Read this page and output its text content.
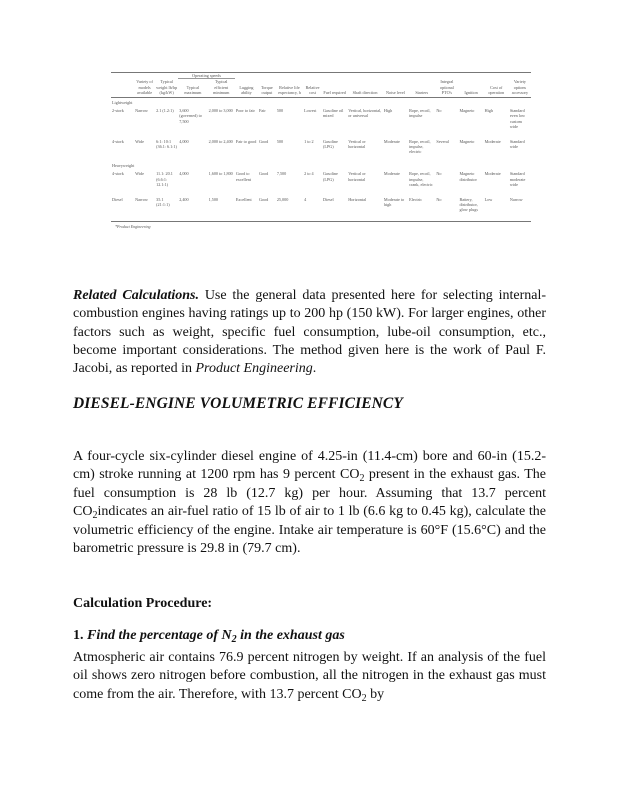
			Operating speeds													
	Variety of models available	Typical weight lb/hp (kg/kW)	Typical maximum	Typical efficient minimum	Lugging ability	Torque output	Relative life expectancy, h	Relative cost	Fuel required	Shaft direction	Noise level	Starters	Integral optional PTO's	Ignition	Cost of operation	Variety options accessory
Lightweight																
2-stork	Narrow	2.1 (1.2:1)	3,600 (governed) to 7,500	2,000 to 3,000	Poor to fair	Fair	500	Lowest	Gasoline oil mixed	Vertical, horizontal, or universal	High	Rope, recoil, impulse	No	Magneto	High	Standard even low custom wide
4-stork	Wide	6:1: 10:1 (36.1: 6.1:1)	4,000	2,000 to 2,400	Fair to good	Good	500	1 to 2	Gasoline (LPG)	Vertical or horizontal	Moderate	Rope, recoil, impulse, electric	Several	Magneto	Moderate	Standard wide
Heavyweight																
4-stork	Wide	11.1: 20.1 (6.6:1: 12.1:1)	4,000	1,600 to 1,800	Good to excellent	Good	7,500	2 to 4	Gasoline (LPG)	Vertical or horizontal	Moderate	Rope, recoil, impulse, crank, electric	No	Magneto distributor	Moderate	Standard moderate wide
Diesel	Narrow	35.1 (21:1:1)	2,400	1,500	Excellent	Good	25,000	4	Diesel	Horizontal	Moderate to high	Electric	No	Battery, distributor, glow plugs	Low	Narrow
*Product Engineering

Related Calculations. Use the general data presented here for selecting internal-combustion engines having ratings up to 200 hp (150 kW). For larger engines, other factors such as weight, specific fuel consumption, lube-oil consumption, etc., become important considerations. The method given here is the work of Paul F. Jacobi, as reported in Product Engineering.

DIESEL-ENGINE VOLUMETRIC EFFICIENCY

A four-cycle six-cylinder diesel engine of 4.25-in (11.4-cm) bore and 60-in (15.2-cm) stroke running at 1200 rpm has 9 percent $CO_2$ present in the exhaust gas. The fuel consumption is 28 lb (12.7 kg) per hour. Assuming that 13.7 percent $CO_2indicates$ an air-fuel ratio of 15 lb of air to 1 lb (6.6 kg to 0.45 kg), calculate the volumetric efficiency of the engine. Intake air temperature is 60°F (15.6°C) and the barometric pressure is 29.8 in (79.7 cm).

Calculation Procedure:

1. Find the percentage of $N_2$ in the exhaust gas

Atmospheric air contains 76.9 percent nitrogen by weight. If an analysis of the fuel oil shows zero nitrogen before combustion, all the nitrogen in the exhaust gas must come from the air. Therefore, with 13.7 percent $CO_2$ by
